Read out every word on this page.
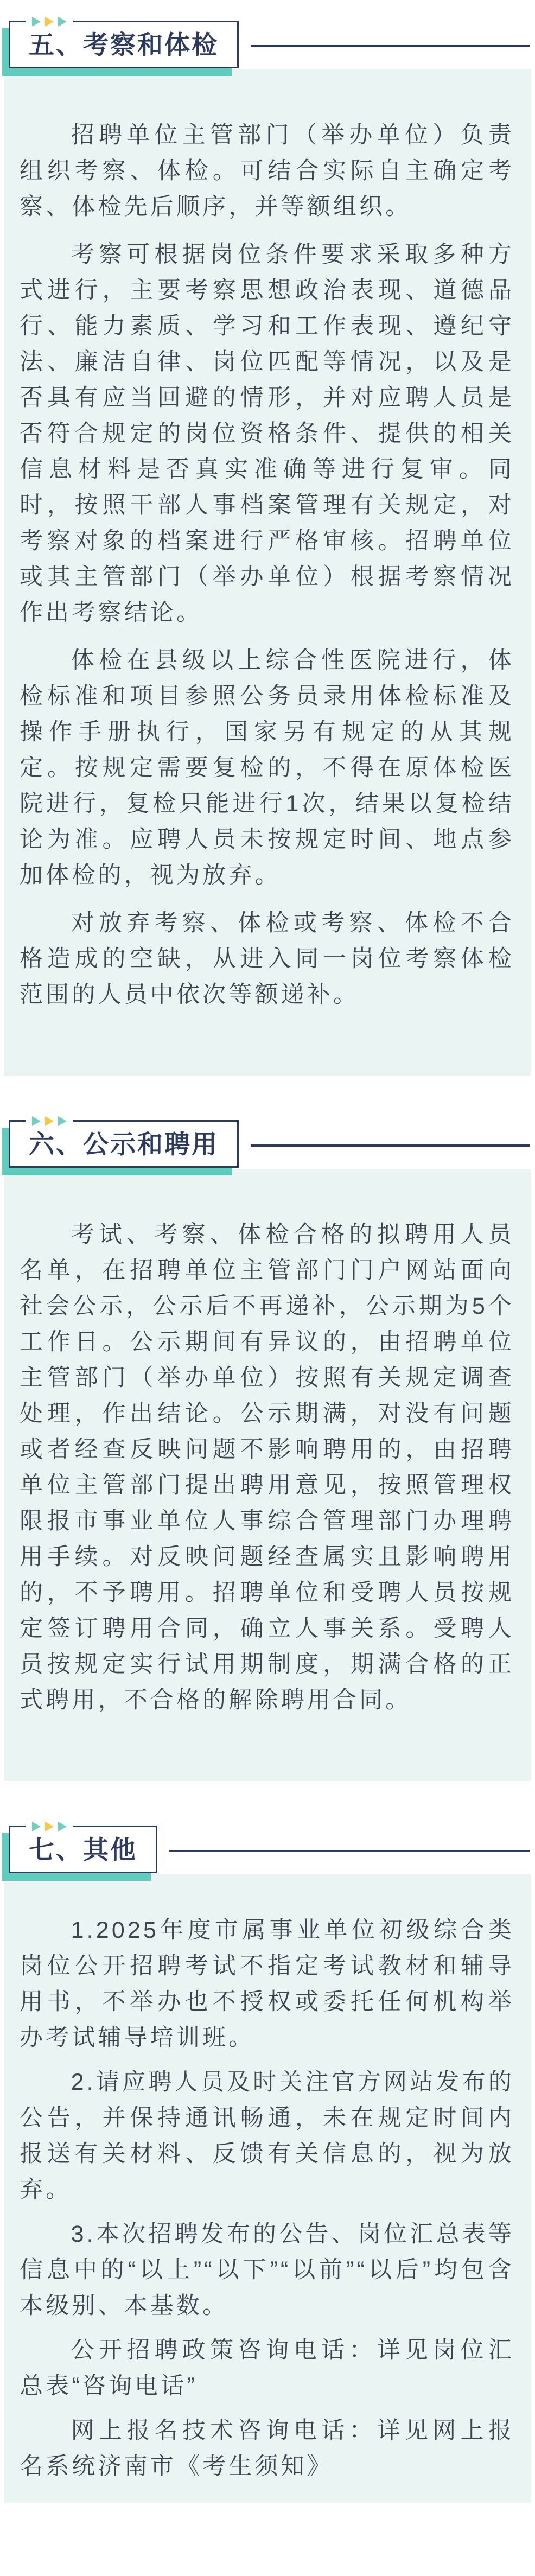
五、考察和体检

招聘单位主管部门（举办单位）负责组织考察、体检。可结合实际自主确定考察、体检先后顺序，并等额组织。

考察可根据岗位条件要求采取多种方式进行，主要考察思想政治表现、道德品行、能力素质、学习和工作表现、遵纪守法、廉洁自律、岗位匹配等情况，以及是否具有应当回避的情形，并对应聘人员是否符合规定的岗位资格条件、提供的相关信息材料是否真实准确等进行复审。同时，按照干部人事档案管理有关规定，对考察对象的档案进行严格审核。招聘单位或其主管部门（举办单位）根据考察情况作出考察结论。

体检在县级以上综合性医院进行，体检标准和项目参照公务员录用体检标准及操作手册执行，国家另有规定的从其规定。按规定需要复检的，不得在原体检医院进行，复检只能进行1次，结果以复检结论为准。应聘人员未按规定时间、地点参加体检的，视为放弃。

对放弃考察、体检或考察、体检不合格造成的空缺，从进入同一岗位考察体检范围的人员中依次等额递补。

六、公示和聘用

考试、考察、体检合格的拟聘用人员名单，在招聘单位主管部门门户网站面向社会公示，公示后不再递补，公示期为5个工作日。公示期间有异议的，由招聘单位主管部门（举办单位）按照有关规定调查处理，作出结论。公示期满，对没有问题或者经查反映问题不影响聘用的，由招聘单位主管部门提出聘用意见，按照管理权限报市事业单位人事综合管理部门办理聘用手续。对反映问题经查属实且影响聘用的，不予聘用。招聘单位和受聘人员按规定签订聘用合同，确立人事关系。受聘人员按规定实行试用期制度，期满合格的正式聘用，不合格的解除聘用合同。

七、其他

1.2025年度市属事业单位初级综合类岗位公开招聘考试不指定考试教材和辅导用书，不举办也不授权或委托任何机构举办考试辅导培训班。

2.请应聘人员及时关注官方网站发布的公告，并保持通讯畅通，未在规定时间内报送有关材料、反馈有关信息的，视为放弃。

3.本次招聘发布的公告、岗位汇总表等信息中的“以上”“以下”“以前”“以后”均包含本级别、本基数。

公开招聘政策咨询电话：详见岗位汇总表“咨询电话”

网上报名技术咨询电话：详见网上报名系统济南市《考生须知》
